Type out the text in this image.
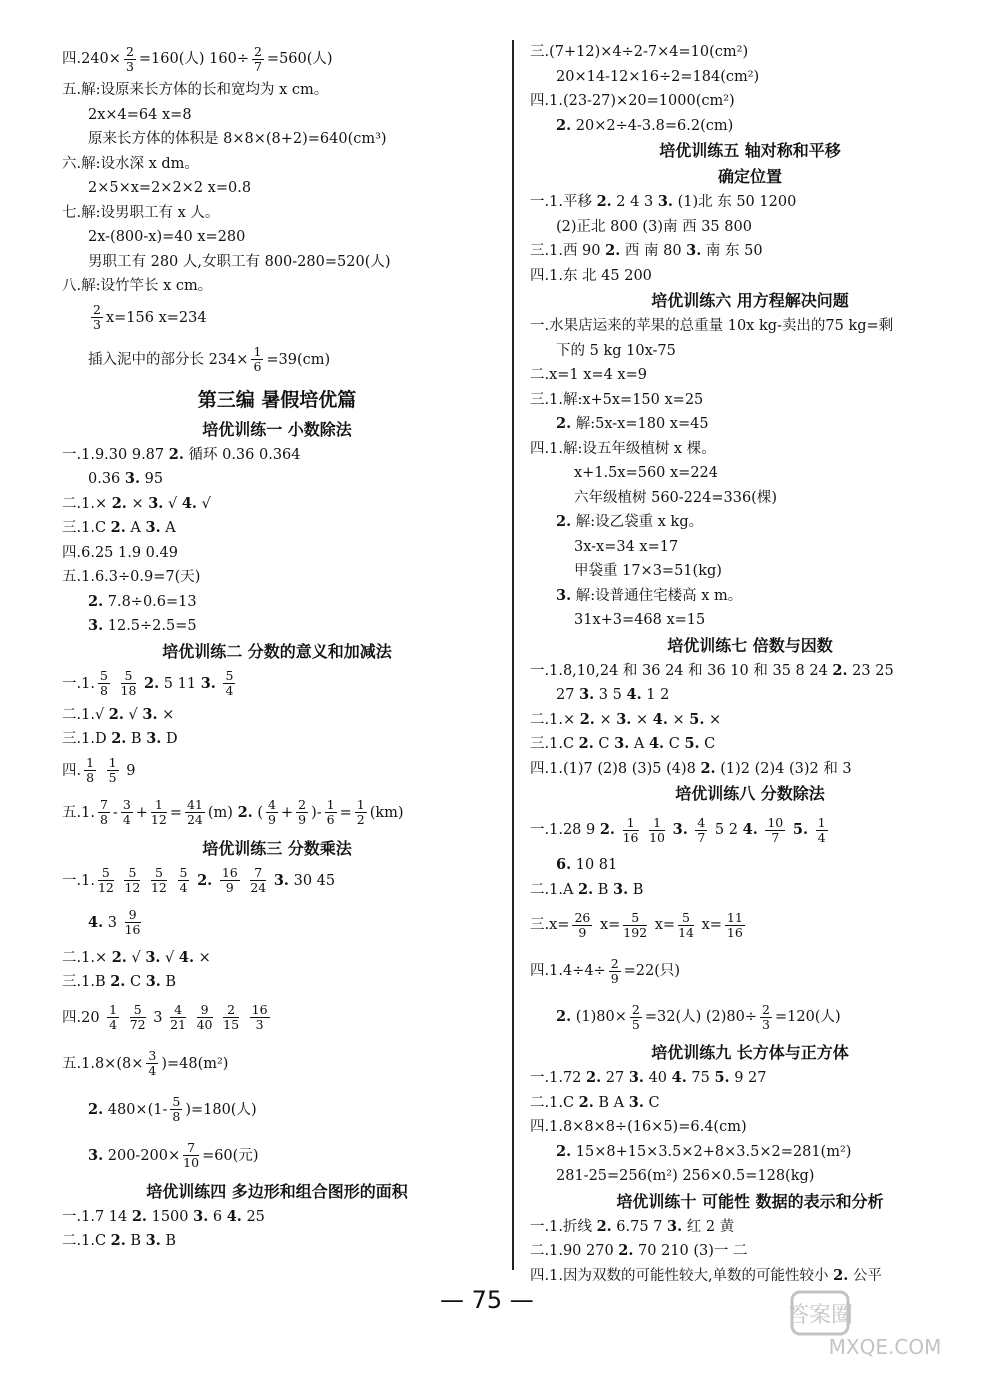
四$.240\times \frac{2}{3} =160$(人) $160\div \frac{2}{7} =560$(人)
五.解:设原来长方体的长和宽均为 x cm。
2x×4=64 x=8
原来长方体的体积是 8×8×(8+2)=640(cm³)
六.解:设水深 x dm。
2×5×x=2×2×2 x=0.8
七.解:设男职工有 x 人。
2x-(800-x)=40 x=280
男职工有 280 人,女职工有 800-280=520(人)
八.解:设竹竿长 x cm。
$\frac{2}{3} x=156$ x=234
插入泥中的部分长 $234\times \frac{1}{6} =39(cm)$
第三编 暑假培优篇
培优训练一 小数除法
一.1.9.30 9.87 2. 循环 0.36 0.364
0.36 3. 95
二.1.× 2. × 3. √ 4. √
三.1.C 2. A 3. A
四.6.25 1.9 0.49
五.1.6.3÷0.9=7(天)
2. 7.8÷0.6=13
3. 12.5÷2.5=5
培优训练二 分数的意义和加减法
一.1. $\frac{5}{8}$
$\frac{5}{18} 2$. 5 11 3. $\frac{5}{4}$
二.1.√ 2. √ 3. ×
三.1.D 2. B 3. D
四. $\frac{1}{8}$
$\frac{1}{5} 9$
五.1. $\frac{7}{8} - \frac{3}{4} + \frac{1}{12} = \frac{41}{24} (m)$ 2. ( $\frac{4}{9} + \frac{2}{9}$ )- $\frac{1}{6} = \frac{1}{2} (km)$
培优训练三 分数乘法
一.1. $\frac{5}{12}$
$\frac{5}{12}$
$\frac{5}{12}$
$\frac{5}{4} 2$. $\frac{16}{9}$
$\frac{7}{24} 3$. 30 45
4. $3 \frac{9}{16}$
二.1.× 2. √ 3. √ 4. ×
三.1.B 2. C 3. B
四$.20 \frac{1}{4}$
$\frac{5}{72} 3 \frac{4}{21}$
$\frac{9}{40}$
$\frac{2}{15}$
$\frac{16}{3}$
五$.1.8\times(8\times \frac{3}{4} )=48(m^2)$
2. $480\times(1- \frac{5}{8} )=180$(人)
3. $200-200\times \frac{7}{10} =60$(元)
培优训练四 多边形和组合图形的面积
一.1.7 14 2. 1500 3. 6 4. 25
二.1.C 2. B 3. B
三.(7+12)×4÷2-7×4=10(cm²)
20×14-12×16÷2=184(cm²)
四.1.(23-27)×20=1000(cm²)
2. 20×2÷4-3.8=6.2(cm)
培优训练五 轴对称和平移
确定位置
一.1.平移 2. 2 4 3 3. (1)北 东 50 1200
(2)正北 800 (3)南 西 35 800
三.1.西 90 2. 西 南 80 3. 南 东 50
四.1.东 北 45 200
培优训练六 用方程解决问题
一.水果店运来的苹果的总重量 10x kg-卖出的75 kg=剩
下的 5 kg 10x-75
二.x=1 x=4 x=9
三.1.解:x+5x=150 x=25
2. 解:5x-x=180 x=45
四.1.解:设五年级植树 x 棵。
x+1.5x=560 x=224
六年级植树 560-224=336(棵)
2. 解:设乙袋重 x kg。
3x-x=34 x=17
甲袋重 17×3=51(kg)
3. 解:设普通住宅楼高 x m。
31x+3=468 x=15
培优训练七 倍数与因数
一.1.8,10,24 和 36 24 和 36 10 和 35 8 24 2. 23 25
27 3. 3 5 4. 1 2
二.1.× 2. × 3. × 4. × 5. ×
三.1.C 2. C 3. A 4. C 5. C
四.1.(1)7 (2)8 (3)5 (4)8 2. (1)2 (2)4 (3)2 和 3
培优训练八 分数除法
一.1.28 9 2. $\frac{1}{16}$
$\frac{1}{10} 3$. $\frac{4}{7} 5$ 2 4. $\frac{10}{7} 5$. $\frac{1}{4}$
6. 10 81
二.1.A 2. B 3. B
三$.x= \frac{26}{9} x= \frac{5}{192} x= \frac{5}{14} x= \frac{11}{16}$
四$.1.4\div 4\div \frac{2}{9} =22$(只)
2. $(1)80\times \frac{2}{5} =32$(人) $(2)80\div \frac{2}{3} =120$(人)
培优训练九 长方体与正方体
一.1.72 2. 27 3. 40 4. 75 5. 9 27
二.1.C 2. B A 3. C
四.1.8×8×8÷(16×5)=6.4(cm)
2. 15×8+15×3.5×2+8×3.5×2=281(m²)
281-25=256(m²) 256×0.5=128(kg)
培优训练十 可能性 数据的表示和分析
一.1.折线 2. 6.75 7 3. 红 2 黄
二.1.90 270 2. 70 210 (3)一 二
四.1.因为双数的可能性较大,单数的可能性较小 2. 公平
— 75 —
答案圈
MXQE.COM
